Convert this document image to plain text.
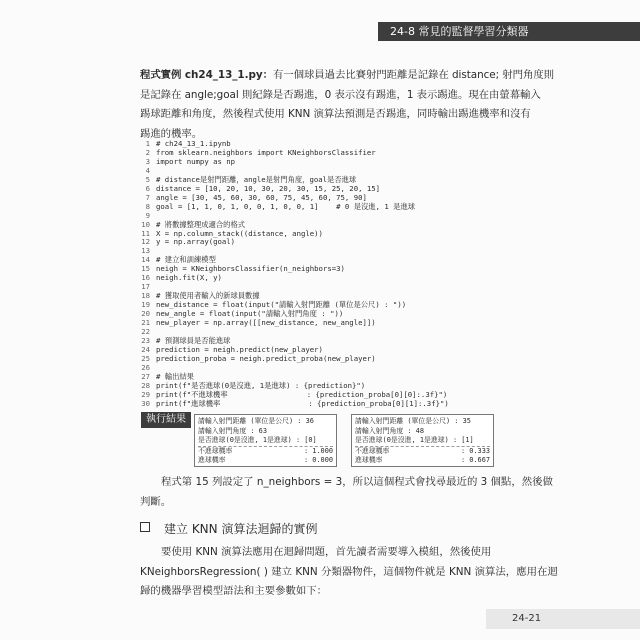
24-8 常見的監督學習分類器
程式實例 ch24_13_1.py：有一個球員過去比賽射門距離是記錄在 distance; 射門角度則
是記錄在 angle;goal 則紀錄是否踢進，0 表示沒有踢進，1 表示踢進。現在由螢幕輸入
踢球距離和角度，然後程式使用 KNN 演算法預測是否踢進，同時輸出踢進機率和沒有
踢進的機率。
1 # ch24_13_1.ipynb
2 from sklearn.neighbors import KNeighborsClassifier
3 import numpy as np
4
5 # distance是射門距離，angle是射門角度，goal是否進球
6 distance = [10, 20, 10, 30, 20, 30, 15, 25, 20, 15]
7 angle = [30, 45, 60, 30, 60, 75, 45, 60, 75, 90]
8 goal = [1, 1, 0, 1, 0, 0, 1, 0, 0, 1]    # 0 是沒進, 1 是進球
9
10 # 將數據整理成適合的格式
11 X = np.column_stack((distance, angle))
12 y = np.array(goal)
13
14 # 建立和訓練模型
15 neigh = KNeighborsClassifier(n_neighbors=3)
16 neigh.fit(X, y)
17
18 # 獲取使用者輸入的新球員數據
19 new_distance = float(input("請輸入射門距離 (單位是公尺) : "))
20 new_angle = float(input("請輸入射門角度 : "))
21 new_player = np.array([[new_distance, new_angle]])
22
23 # 預測球員是否能進球
24 prediction = neigh.predict(new_player)
25 prediction_proba = neigh.predict_proba(new_player)
26
27 # 輸出結果
28 print(f"是否進球(0是沒進, 1是進球) : {prediction}")
29 print(f"不進球機率                  : {prediction_proba[0][0]:.3f}")
30 print(f"進球機率                    : {prediction_proba[0][1]:.3f}")
執行結果	請輸入射門距離 (單位是公尺) : 36
請輸入射門角度 : 63
是否進球(0是沒進, 1是進球) : [0]
不進球機率	: 1.000
進球機率	: 0.000
請輸入射門距離 (單位是公尺) : 35
請輸入射門角度 : 48
是否進球(0是沒進, 1是進球) : [1]
不進球機率	: 0.333
進球機率	: 0.667
程式第 15 列設定了 n_neighbors = 3，所以這個程式會找尋最近的 3 個點，然後做
判斷。
建立 KNN 演算法迴歸的實例
要使用 KNN 演算法應用在迴歸問題，首先讀者需要導入模組，然後使用
KNeighborsRegression( ) 建立 KNN 分類器物件，這個物件就是 KNN 演算法，應用在迴
歸的機器學習模型語法和主要參數如下：
24-21
